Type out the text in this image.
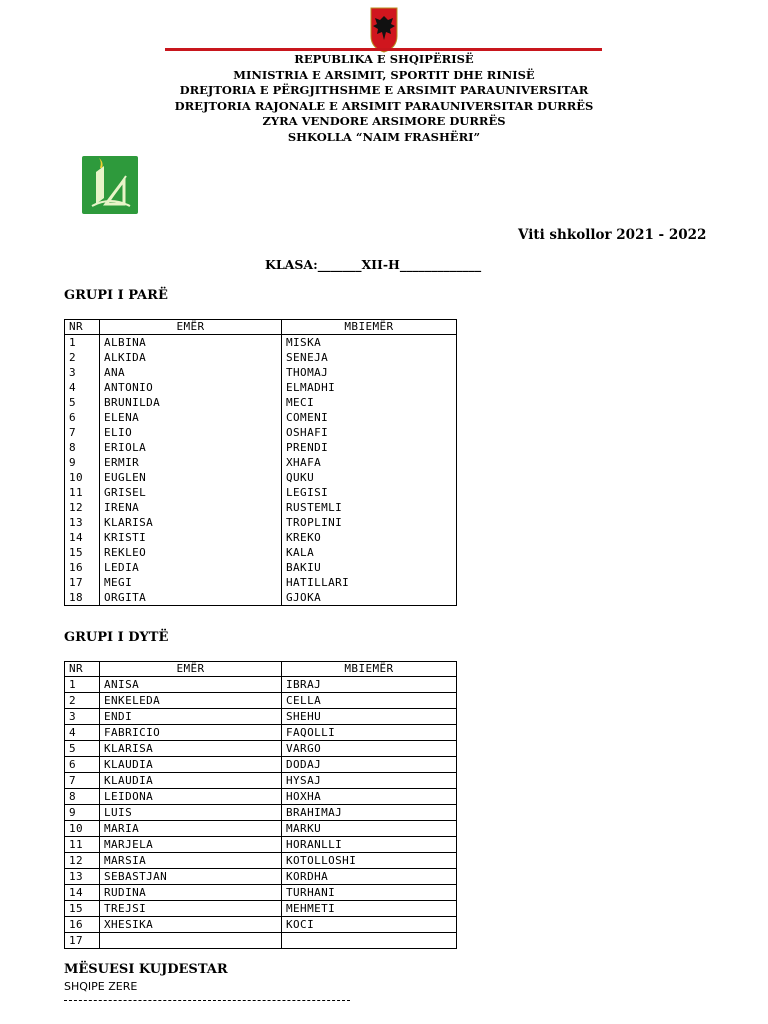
REPUBLIKA E SHQIPËRISË
MINISTRIA E ARSIMIT, SPORTIT DHE RINISË
DREJTORIA E PËRGJITHSHME E ARSIMIT PARAUNIVERSITAR
DREJTORIA RAJONALE E ARSIMIT PARAUNIVERSITAR DURRËS
ZYRA VENDORE ARSIMORE DURRËS
SHKOLLA “NAIM FRASHËRI”
Viti shkollor 2021 - 2022
KLASA:_______XII-H_____________
GRUPI I PARË
NR	EMËR	MBIEMËR
1	ALBINA	MISKA
2	ALKIDA	SENEJA
3	ANA	THOMAJ
4	ANTONIO	ELMADHI
5	BRUNILDA	MECI
6	ELENA	COMENI
7	ELIO	OSHAFI
8	ERIOLA	PRENDI
9	ERMIR	XHAFA
10	EUGLEN	QUKU
11	GRISEL	LEGISI
12	IRENA	RUSTEMLI
13	KLARISA	TROPLINI
14	KRISTI	KREKO
15	REKLEO	KALA
16	LEDIA	BAKIU
17	MEGI	HATILLARI
18	ORGITA	GJOKA
GRUPI I DYTË
NR	EMËR	MBIEMËR
1	ANISA	IBRAJ
2	ENKELEDA	CELLA
3	ENDI	SHEHU
4	FABRICIO	FAQOLLI
5	KLARISA	VARGO
6	KLAUDIA	DODAJ
7	KLAUDIA	HYSAJ
8	LEIDONA	HOXHA
9	LUIS	BRAHIMAJ
10	MARIA	MARKU
11	MARJELA	HORANLLI
12	MARSIA	KOTOLLOSHI
13	SEBASTJAN	KORDHA
14	RUDINA	TURHANI
15	TREJSI	MEHMETI
16	XHESIKA	KOCI
17		
MËSUESI KUJDESTAR
SHQIPE ZERE
